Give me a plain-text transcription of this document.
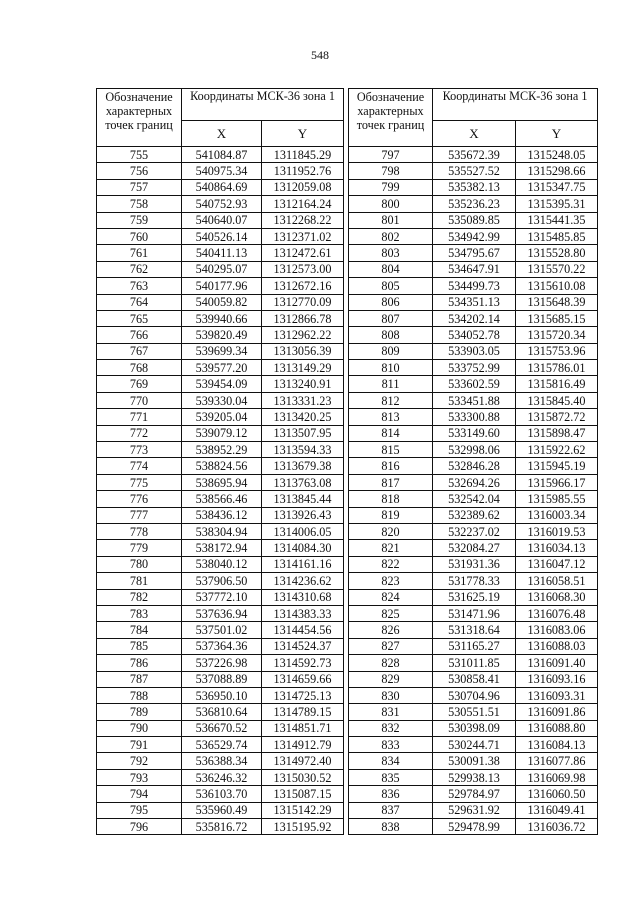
548
Обозначение характерных точек границ	Координаты МСК-36 зона 1	
	X	Y
755	541084.87	1311845.29
756	540975.34	1311952.76
757	540864.69	1312059.08
758	540752.93	1312164.24
759	540640.07	1312268.22
760	540526.14	1312371.02
761	540411.13	1312472.61
762	540295.07	1312573.00
763	540177.96	1312672.16
764	540059.82	1312770.09
765	539940.66	1312866.78
766	539820.49	1312962.22
767	539699.34	1313056.39
768	539577.20	1313149.29
769	539454.09	1313240.91
770	539330.04	1313331.23
771	539205.04	1313420.25
772	539079.12	1313507.95
773	538952.29	1313594.33
774	538824.56	1313679.38
775	538695.94	1313763.08
776	538566.46	1313845.44
777	538436.12	1313926.43
778	538304.94	1314006.05
779	538172.94	1314084.30
780	538040.12	1314161.16
781	537906.50	1314236.62
782	537772.10	1314310.68
783	537636.94	1314383.33
784	537501.02	1314454.56
785	537364.36	1314524.37
786	537226.98	1314592.73
787	537088.89	1314659.66
788	536950.10	1314725.13
789	536810.64	1314789.15
790	536670.52	1314851.71
791	536529.74	1314912.79
792	536388.34	1314972.40
793	536246.32	1315030.52
794	536103.70	1315087.15
795	535960.49	1315142.29
796	535816.72	1315195.92
Обозначение характерных точек границ	Координаты МСК-36 зона 1	
	X	Y
797	535672.39	1315248.05
798	535527.52	1315298.66
799	535382.13	1315347.75
800	535236.23	1315395.31
801	535089.85	1315441.35
802	534942.99	1315485.85
803	534795.67	1315528.80
804	534647.91	1315570.22
805	534499.73	1315610.08
806	534351.13	1315648.39
807	534202.14	1315685.15
808	534052.78	1315720.34
809	533903.05	1315753.96
810	533752.99	1315786.01
811	533602.59	1315816.49
812	533451.88	1315845.40
813	533300.88	1315872.72
814	533149.60	1315898.47
815	532998.06	1315922.62
816	532846.28	1315945.19
817	532694.26	1315966.17
818	532542.04	1315985.55
819	532389.62	1316003.34
820	532237.02	1316019.53
821	532084.27	1316034.13
822	531931.36	1316047.12
823	531778.33	1316058.51
824	531625.19	1316068.30
825	531471.96	1316076.48
826	531318.64	1316083.06
827	531165.27	1316088.03
828	531011.85	1316091.40
829	530858.41	1316093.16
830	530704.96	1316093.31
831	530551.51	1316091.86
832	530398.09	1316088.80
833	530244.71	1316084.13
834	530091.38	1316077.86
835	529938.13	1316069.98
836	529784.97	1316060.50
837	529631.92	1316049.41
838	529478.99	1316036.72
